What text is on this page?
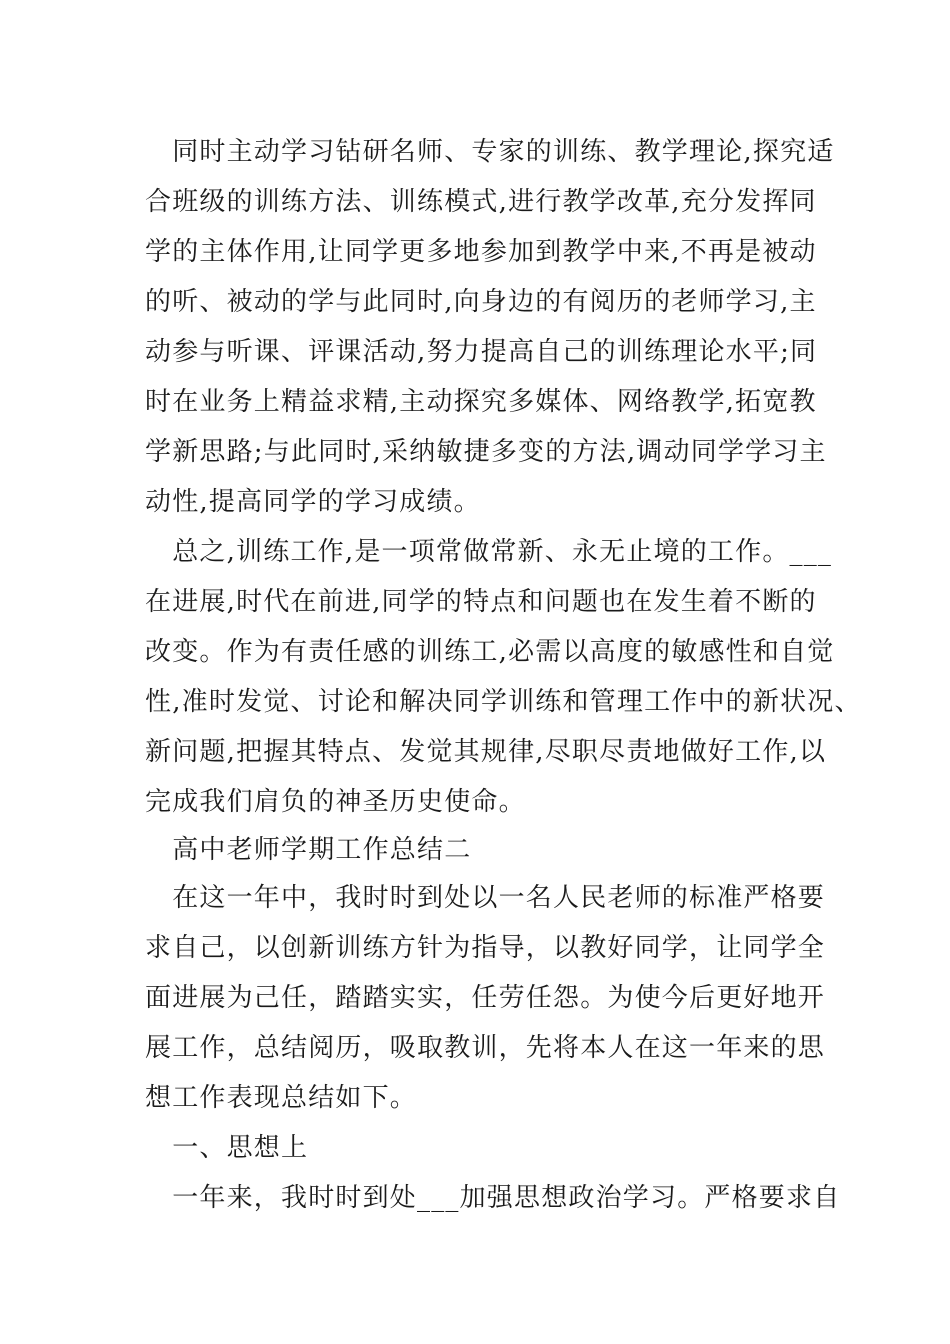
　同时主动学习钻研名师、专家的训练、教学理论,探究适

合班级的训练方法、训练模式,进行教学改革,充分发挥同

学的主体作用,让同学更多地参加到教学中来,不再是被动

的听、被动的学与此同时,向身边的有阅历的老师学习,主

动参与听课、评课活动,努力提高自己的训练理论水平;同

时在业务上精益求精,主动探究多媒体、网络教学,拓宽教

学新思路;与此同时,采纳敏捷多变的方法,调动同学学习主

动性,提高同学的学习成绩。

　总之,训练工作,是一项常做常新、永无止境的工作。___

在进展,时代在前进,同学的特点和问题也在发生着不断的

改变。作为有责任感的训练工,必需以高度的敏感性和自觉

性,准时发觉、讨论和解决同学训练和管理工作中的新状况、

新问题,把握其特点、发觉其规律,尽职尽责地做好工作,以

完成我们肩负的神圣历史使命。

　高中老师学期工作总结二

　在这一年中，我时时到处以一名人民老师的标准严格要

求自己，以创新训练方针为指导，以教好同学，让同学全

面进展为己任，踏踏实实，任劳任怨。为使今后更好地开

展工作，总结阅历，吸取教训，先将本人在这一年来的思

想工作表现总结如下。

　一、思想上

　一年来，我时时到处___加强思想政治学习。严格要求自
